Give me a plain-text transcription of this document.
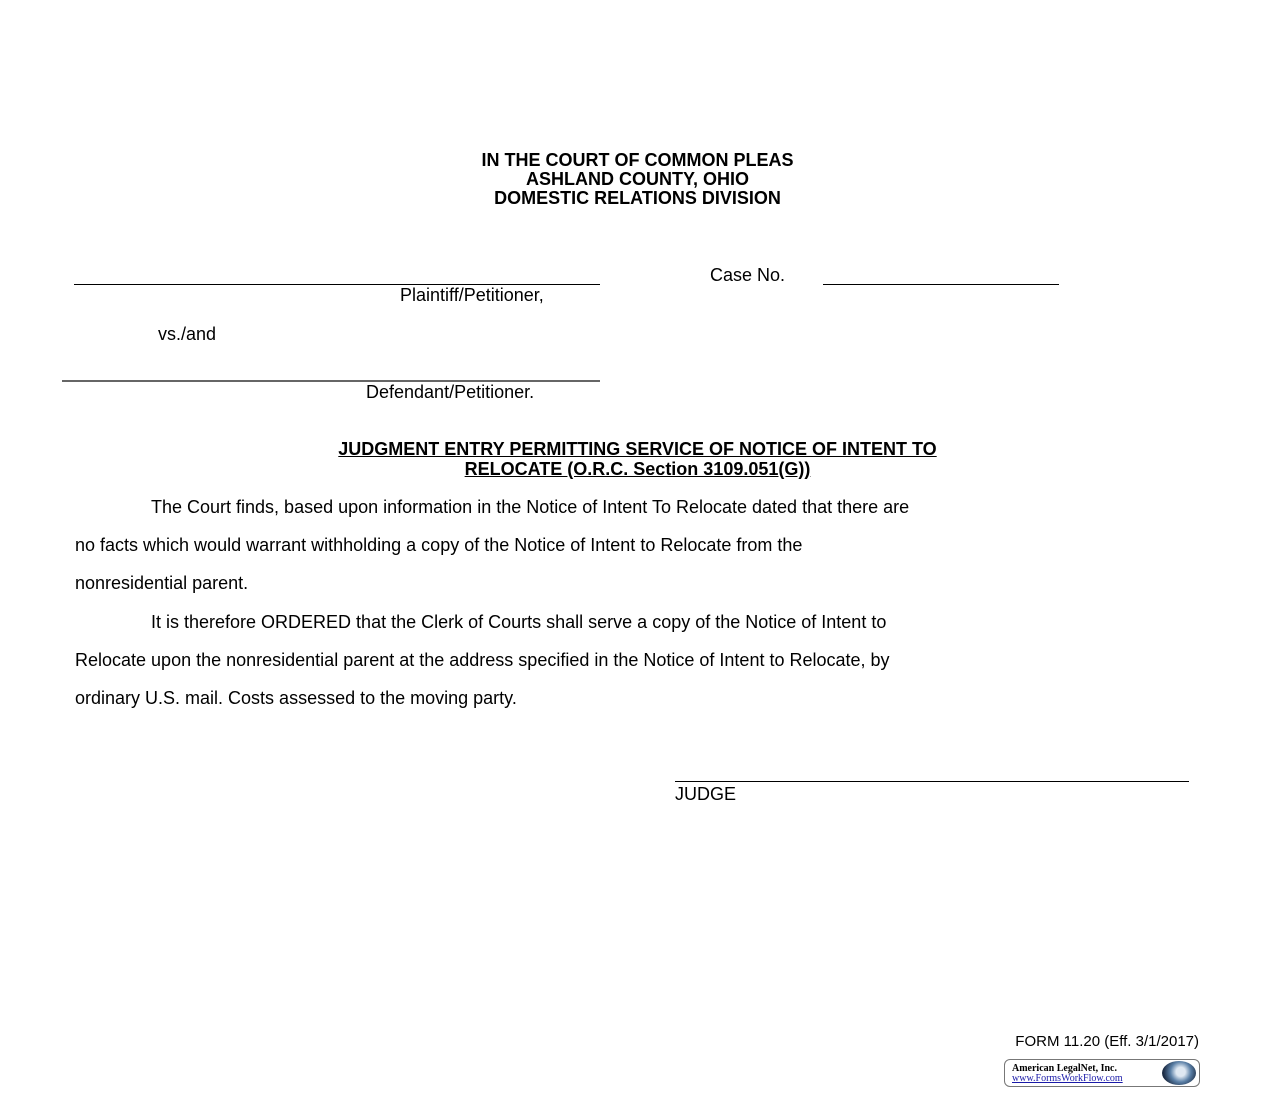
IN THE COURT OF COMMON PLEAS
ASHLAND COUNTY, OHIO
DOMESTIC RELATIONS DIVISION
Plaintiff/Petitioner,
Case No.
vs./and
Defendant/Petitioner.
JUDGMENT ENTRY PERMITTING SERVICE OF NOTICE OF INTENT TO
RELOCATE (O.R.C. Section 3109.051(G))
The Court finds, based upon information in the Notice of Intent To Relocate dated that there are
no facts which would warrant withholding a copy of the Notice of Intent to Relocate from the
nonresidential parent.
It is therefore ORDERED that the Clerk of Courts shall serve a copy of the Notice of Intent to
Relocate upon the nonresidential parent at the address specified in the Notice of Intent to Relocate, by
ordinary U.S. mail. Costs assessed to the moving party.
JUDGE
FORM 11.20 (Eff. 3/1/2017)
American LegalNet, Inc.
www.FormsWorkFlow.com
